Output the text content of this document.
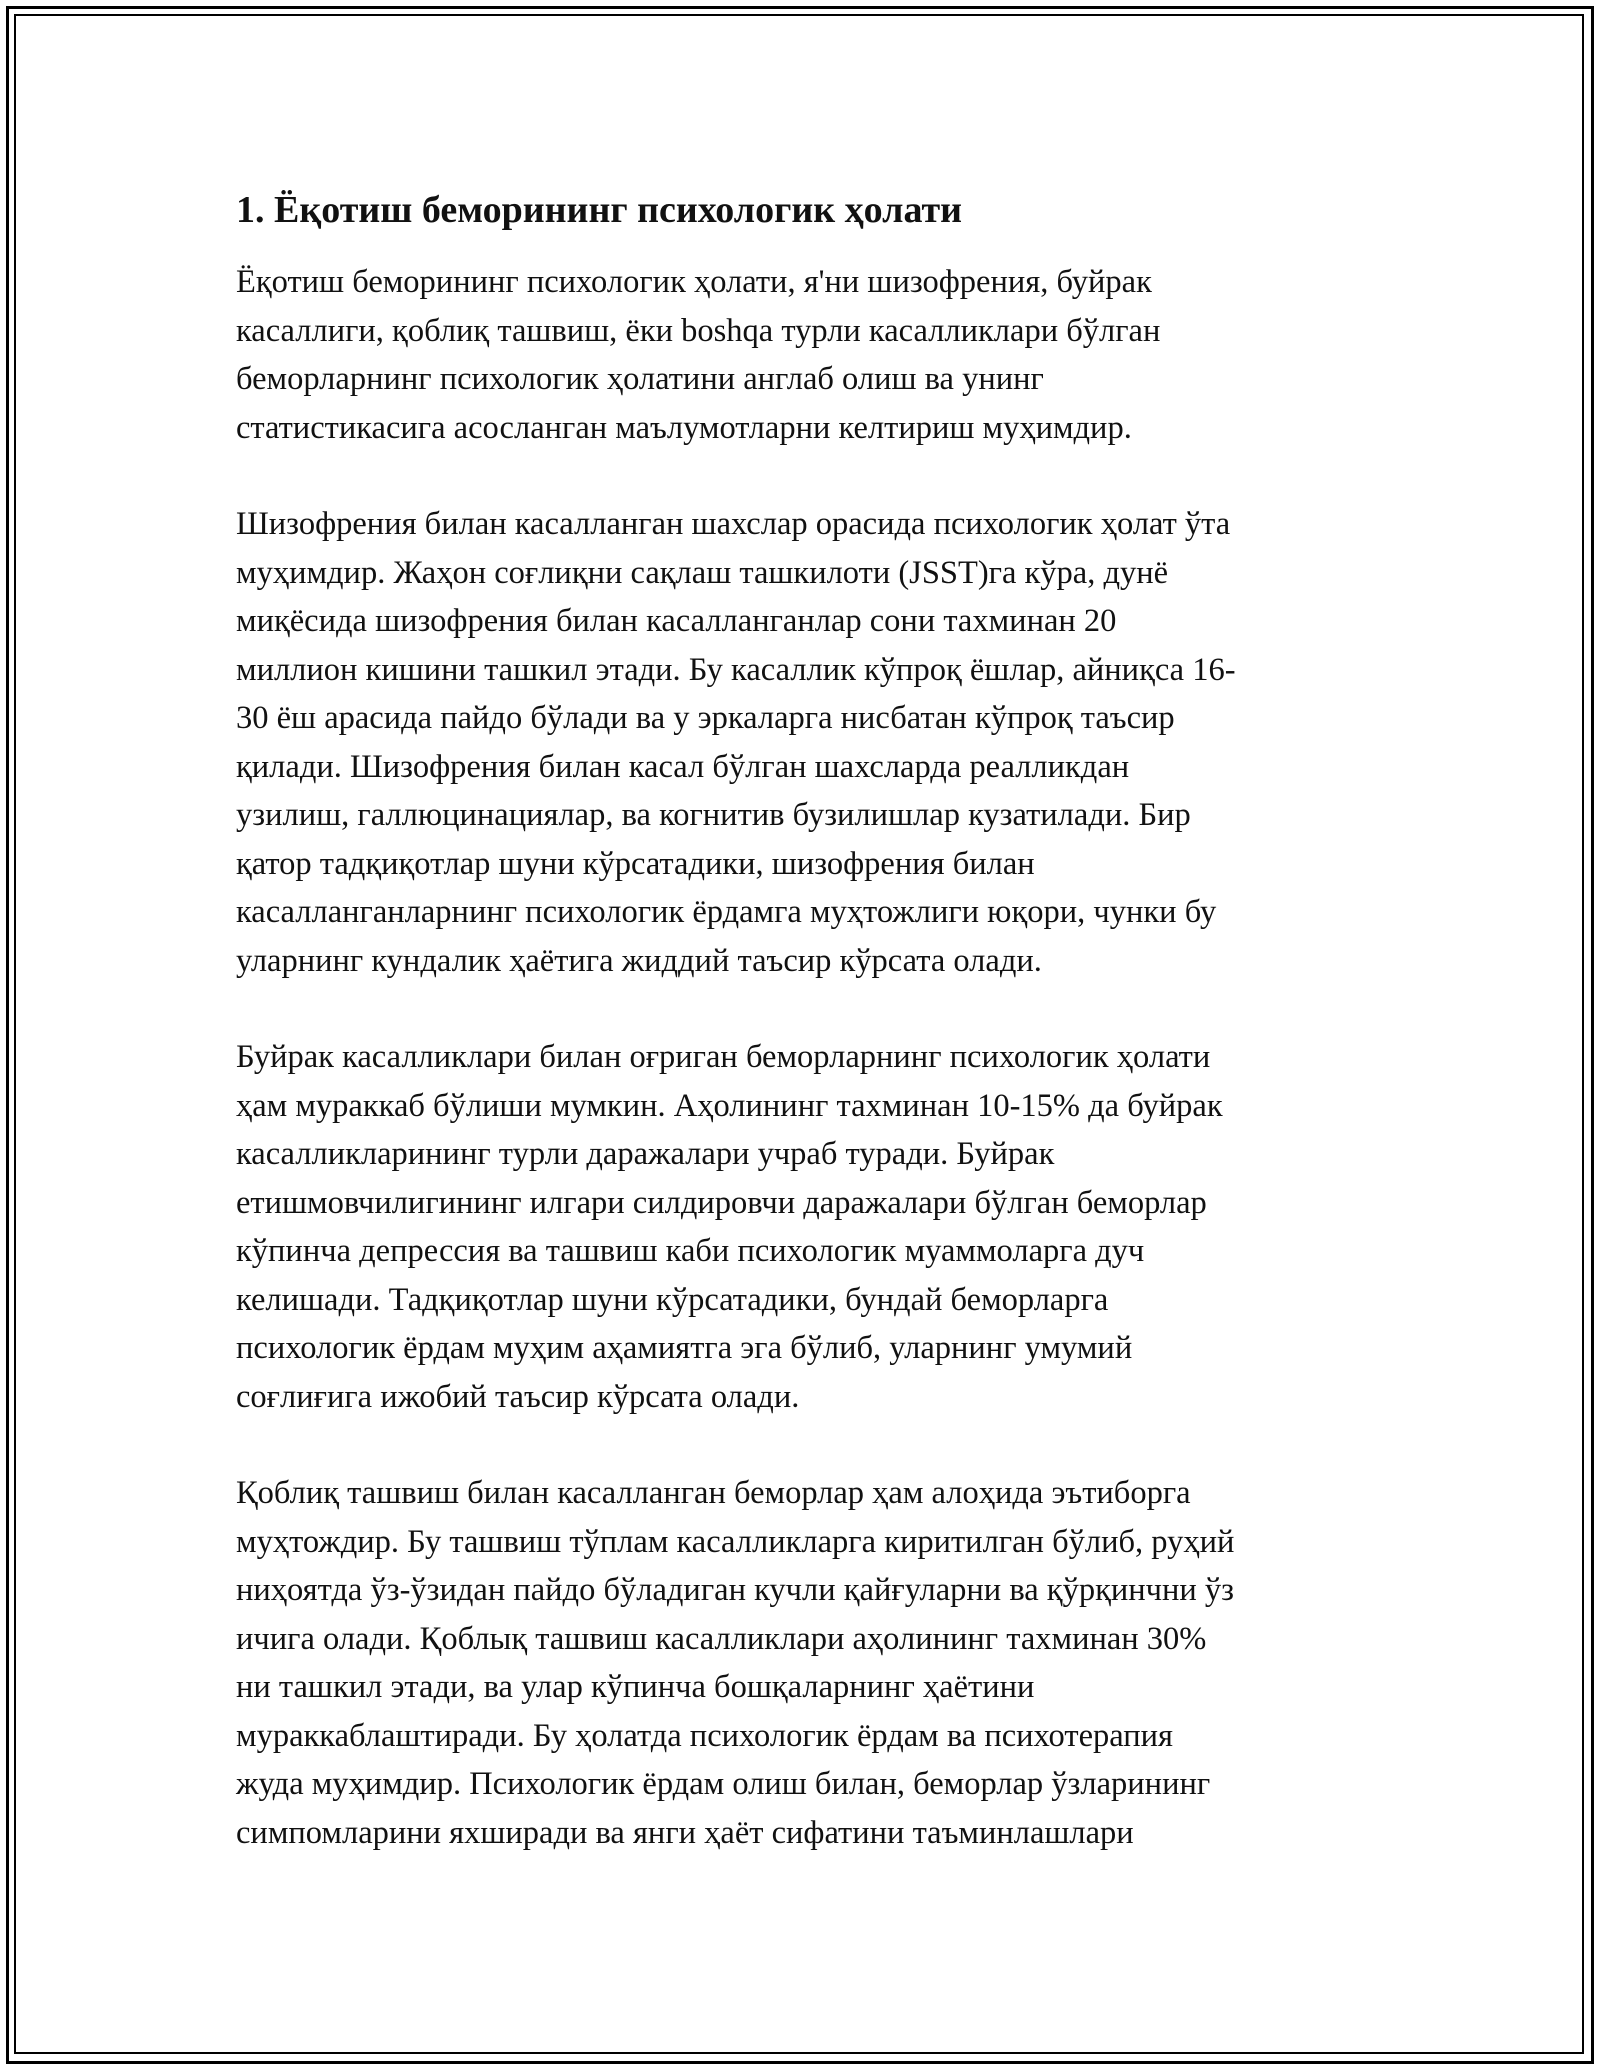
1. Ёқотиш беморининг психологик ҳолати
Ёқотиш беморининг психологик ҳолати, я'ни шизофрения, буйрак
касаллиги, қоблиқ ташвиш, ёки boshqa турли касалликлари бўлган
беморларнинг психологик ҳолатини англаб олиш ва унинг
статистикасига асосланган маълумотларни келтириш муҳимдир.
Шизофрения билан касалланган шахслар орасида психологик ҳолат ўта
муҳимдир. Жаҳон соғлиқни сақлаш ташкилоти (JSST)га кўра, дунё
миқёсида шизофрения билан касалланганлар сони тахминан 20
миллион кишини ташкил этади. Бу касаллик кўпроқ ёшлар, айниқса 16-
30 ёш арасида пайдо бўлади ва у эркаларга нисбатан кўпроқ таъсир
қилади. Шизофрения билан касал бўлган шахсларда реалликдан
узилиш, галлюцинациялар, ва когнитив бузилишлар кузатилади. Бир
қатор тадқиқотлар шуни кўрсатадики, шизофрения билан
касалланганларнинг психологик ёрдамга муҳтожлиги юқори, чунки бу
уларнинг кундалик ҳаётига жиддий таъсир кўрсата олади.
Буйрак касалликлари билан оғриган беморларнинг психологик ҳолати
ҳам мураккаб бўлиши мумкин. Аҳолининг тахминан 10-15% да буйрак
касалликларининг турли даражалари учраб туради. Буйрак
етишмовчилигининг илгари силдировчи даражалари бўлган беморлар
кўпинча депрессия ва ташвиш каби психологик муаммоларга дуч
келишади. Тадқиқотлар шуни кўрсатадики, бундай беморларга
психологик ёрдам муҳим аҳамиятга эга бўлиб, уларнинг умумий
соғлиғига ижобий таъсир кўрсата олади.
Қоблиқ ташвиш билан касалланган беморлар ҳам алоҳида эътиборга
муҳтождир. Бу ташвиш тўплам касалликларга киритилган бўлиб, руҳий
ниҳоятда ўз-ўзидан пайдо бўладиган кучли қайғуларни ва қўрқинчни ўз
ичига олади. Қоблық ташвиш касалликлари аҳолининг тахминан 30%
ни ташкил этади, ва улар кўпинча бошқаларнинг ҳаётини
мураккаблаштиради. Бу ҳолатда психологик ёрдам ва психотерапия
жуда муҳимдир. Психологик ёрдам олиш билан, беморлар ўзларининг
симпомларини яхширади ва янги ҳаёт сифатини таъминлашлари
